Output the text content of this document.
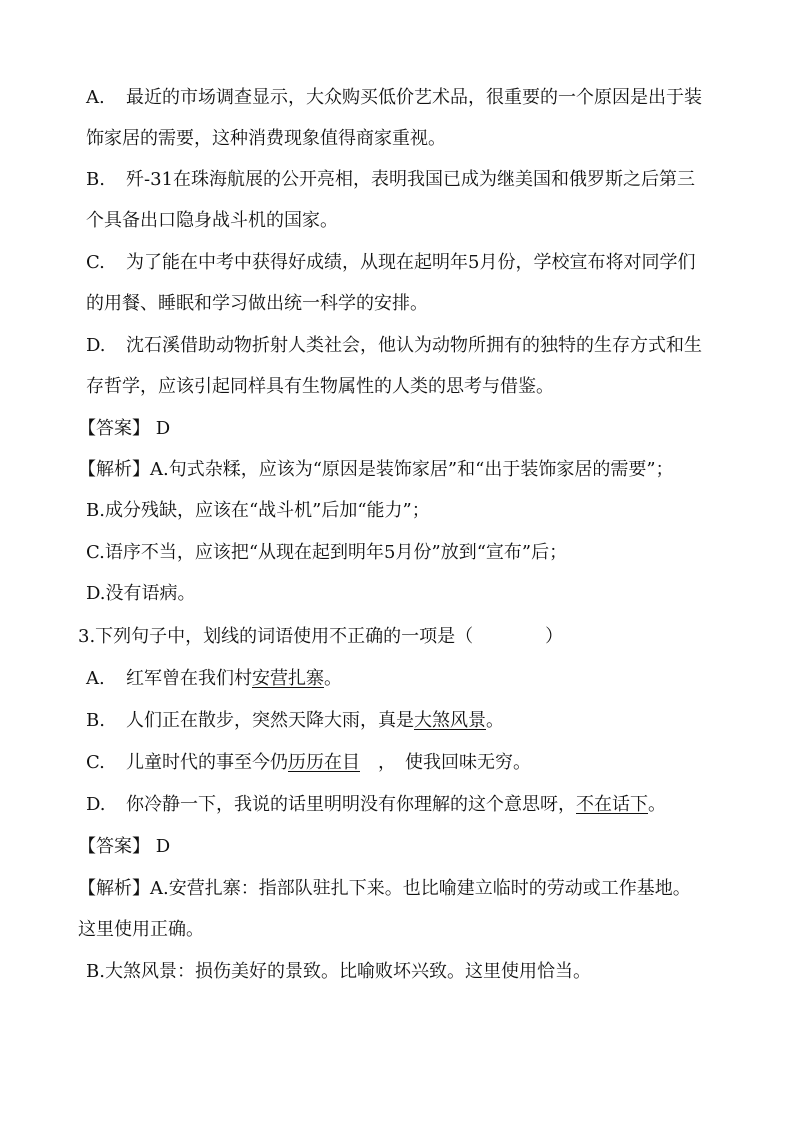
A. 最近的市场调查显示，大众购买低价艺术品，很重要的一个原因是出于装
饰家居的需要，这种消费现象值得商家重视。
B. 歼-31在珠海航展的公开亮相，表明我国已成为继美国和俄罗斯之后第三
个具备出口隐身战斗机的国家。
C. 为了能在中考中获得好成绩，从现在起明年5月份，学校宣布将对同学们
的用餐、睡眠和学习做出统一科学的安排。
D. 沈石溪借助动物折射人类社会，他认为动物所拥有的独特的生存方式和生
存哲学，应该引起同样具有生物属性的人类的思考与借鉴。
【答案】 D
【解析】A.句式杂糅，应该为“原因是装饰家居”和“出于装饰家居的需要”；
B.成分残缺，应该在“战斗机”后加“能力”；
C.语序不当，应该把“从现在起到明年5月份”放到“宣布”后；
D.没有语病。
3.下列句子中，划线的词语使用不正确的一项是（　　　　）
A. 红军曾在我们村安营扎寨。
B. 人们正在散步，突然天降大雨，真是大煞风景。
C. 儿童时代的事至今仍历历在目　，　使我回味无穷。
D. 你冷静一下，我说的话里明明没有你理解的这个意思呀，不在话下。
【答案】 D
【解析】A.安营扎寨：指部队驻扎下来。也比喻建立临时的劳动或工作基地。
这里使用正确。
B.大煞风景：损伤美好的景致。比喻败坏兴致。这里使用恰当。
